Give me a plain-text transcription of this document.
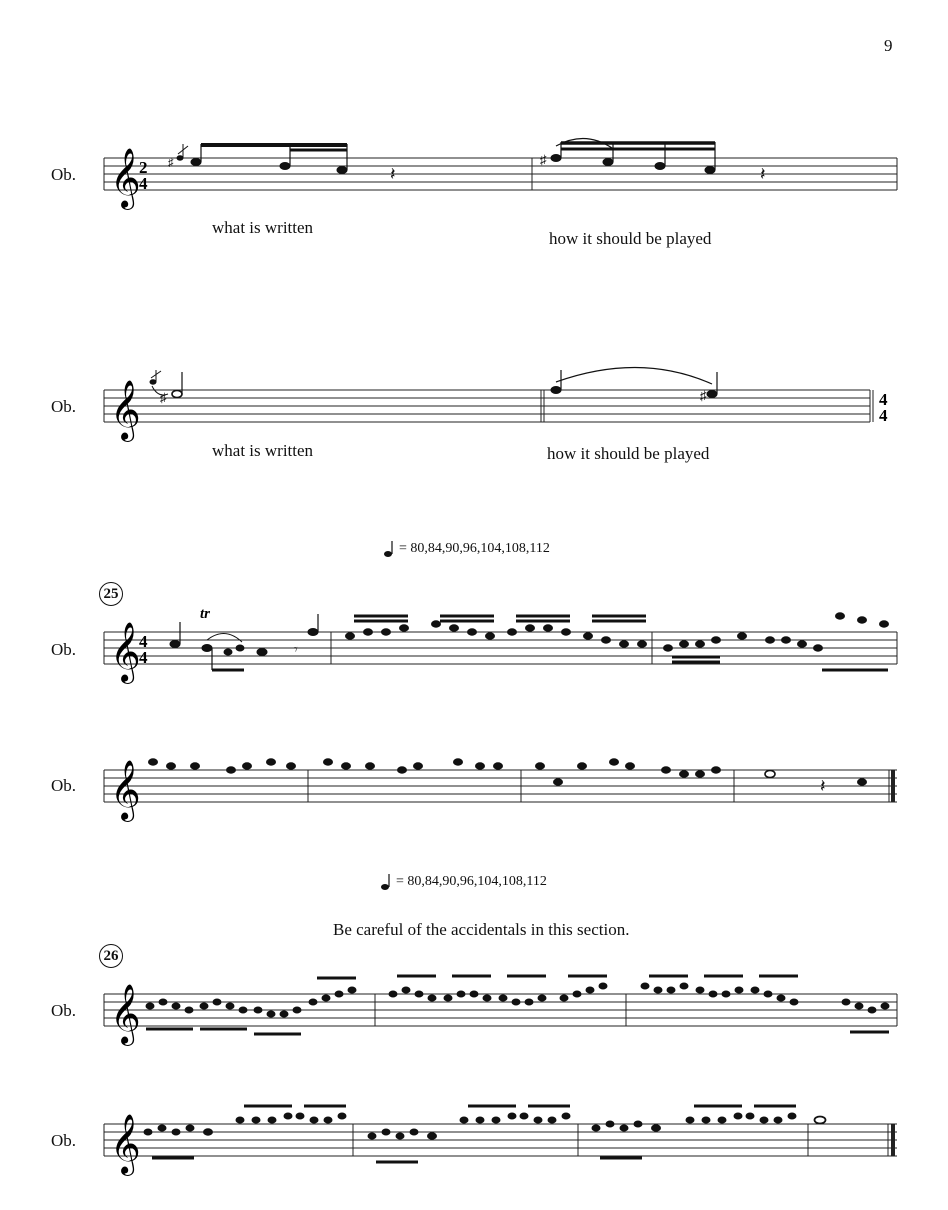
9
Ob. 𝄞
2
4
♯
𝄽
♯
𝄽
what is written
how it should be played
Ob. 𝄞 ♯	♯	4
4
what is written	how it should be played
= 80,84,90,96,104,108,112
25
Ob. 𝄞
4
4
tr
𝄾
Ob. 𝄞	𝄽
= 80,84,90,96,104,108,112
Be careful of the accidentals in this section.
26
Ob. 𝄞
Ob. 𝄞
